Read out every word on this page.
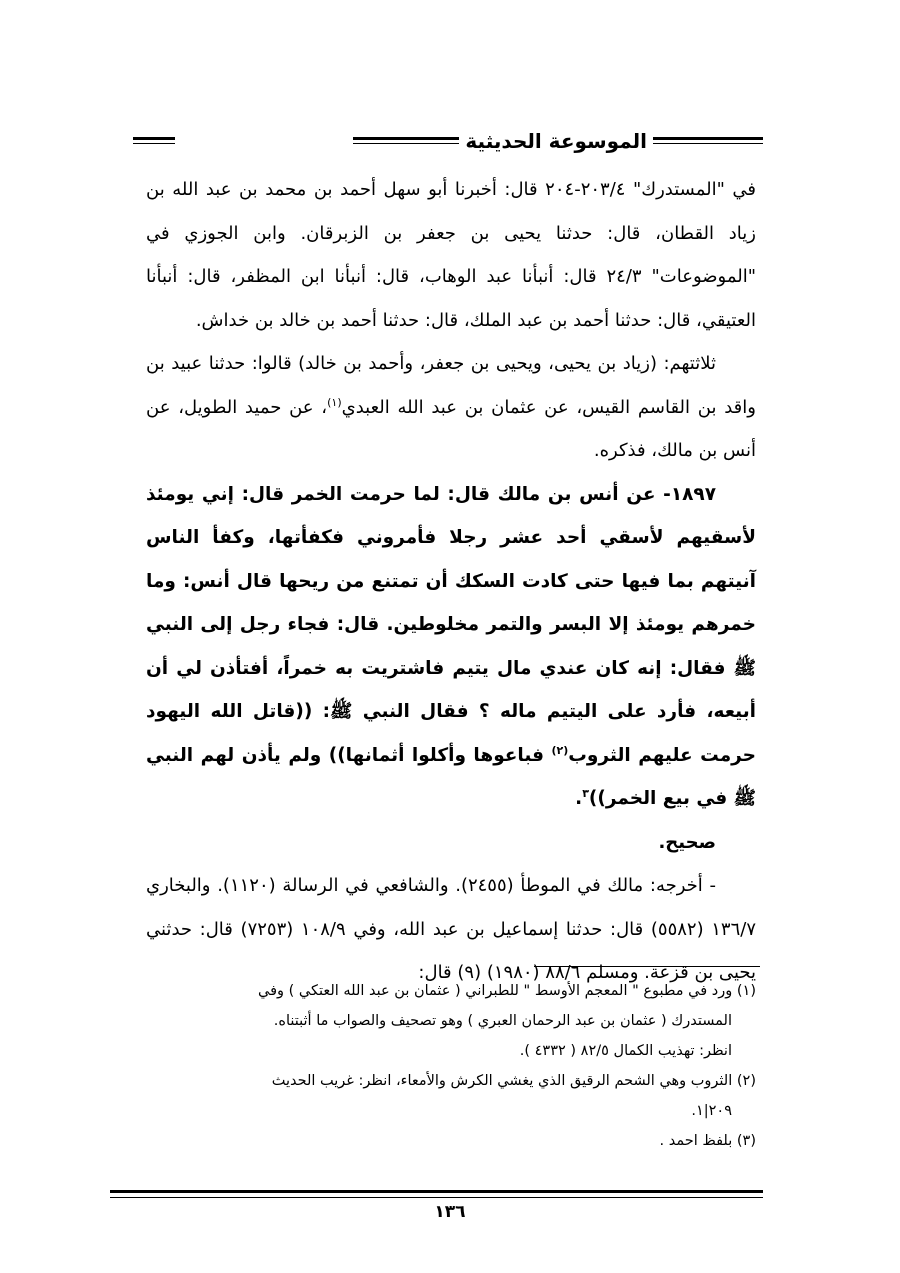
الموسوعة الحديثية

في "المستدرك" ٢٠٣/٤-٢٠٤ قال: أخبرنا أبو سهل أحمد بن محمد بن عبد الله بن زياد القطان، قال: حدثنا يحيى بن جعفر بن الزبرقان. وابن الجوزي في "الموضوعات" ٢٤/٣ قال: أنبأنا عبد الوهاب، قال: أنبأنا ابن المظفر، قال: أنبأنا العتيقي، قال: حدثنا أحمد بن عبد الملك، قال: حدثنا أحمد بن خالد بن خداش.

ثلاثتهم: (زياد بن يحيى، ويحيى بن جعفر، وأحمد بن خالد) قالوا: حدثنا عبيد بن واقد بن القاسم القيس، عن عثمان بن عبد الله العبدي$^{(١)}$، عن حميد الطويل، عن أنس بن مالك، فذكره.

١٨٩٧- عن أنس بن مالك قال: لما حرمت الخمر قال: إني يومئذ لأسقيهم لأسقي أحد عشر رجلا فأمروني فكفأتها، وكفأ الناس آنيتهم بما فيها حتى كادت السكك أن تمتنع من ريحها قال أنس: وما خمرهم يومئذ إلا البسر والتمر مخلوطين. قال: فجاء رجل إلى النبي ﷺ فقال: إنه كان عندي مال يتيم فاشتريت به خمراً، أفتأذن لي أن أبيعه، فأرد على اليتيم ماله ؟ فقال النبي ﷺ: ((قاتل الله اليهود حرمت عليهم الثروب$^{(٢)}$ فباعوها وأكلوا أثمانها)) ولم يأذن لهم النبي ﷺ في بيع الخمر))$^٣$.

صحيح.

- أخرجه: مالك في الموطأ (٢٤٥٥). والشافعي في الرسالة (١١٢٠). والبخاري ١٣٦/٧ (٥٥٨٢) قال: حدثنا إسماعيل بن عبد الله، وفي ١٠٨/٩ (٧٢٥٣) قال: حدثني يحيى بن قزعة. ومسلم ٨٨/٦ (١٩٨٠) (٩) قال:

(١) ورد في مطبوع " المعجم الأوسط " للطبراني ( عثمان بن عبد الله العتكي ) وفي

المستدرك ( عثمان بن عبد الرحمان العبري ) وهو تصحيف والصواب ما أثبتناه.

انظر: تهذيب الكمال ٨٢/٥ ( ٤٣٣٢ ).

(٢) الثروب وهي الشحم الرقيق الذي يغشي الكرش والأمعاء، انظر: غريب الحديث

٢٠٩|١.

(٣) بلفظ احمد .

١٣٦
